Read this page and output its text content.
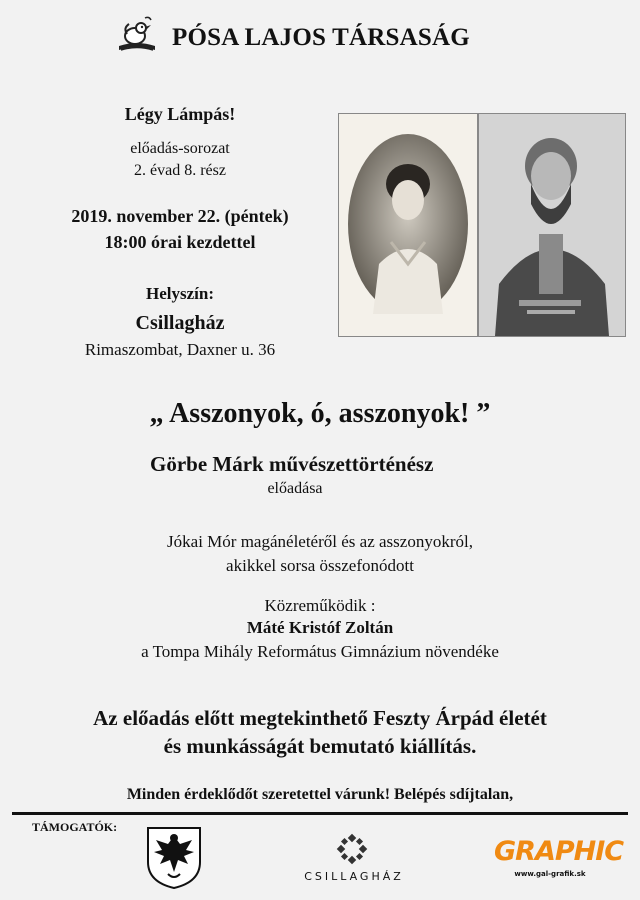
PÓSA LAJOS TÁRSASÁG
Légy Lámpás!
előadás-sorozat
2. évad 8. rész
2019. november 22. (péntek)
18:00 órai kezdettel
Helyszín:
Csillagház
Rimaszombat, Daxner u. 36
„ Asszonyok, ó, asszonyok! ”
Görbe Márk művészettörténész
előadása
Jókai Mór magánéletéről és az asszonyokról,
akikkel sorsa összefonódott
Közreműködik :
Máté Kristóf Zoltán
a Tompa Mihály Református Gimnázium növendéke
Az előadás előtt megtekinthető Feszty Árpád életét
és munkásságát bemutató kiállítás.
Minden érdeklődőt szeretettel várunk! Belépés sdíjtalan,
TÁMOGATÓK:
CSILLAGHÁZ
GRAPHIC
www.gal-grafik.sk
